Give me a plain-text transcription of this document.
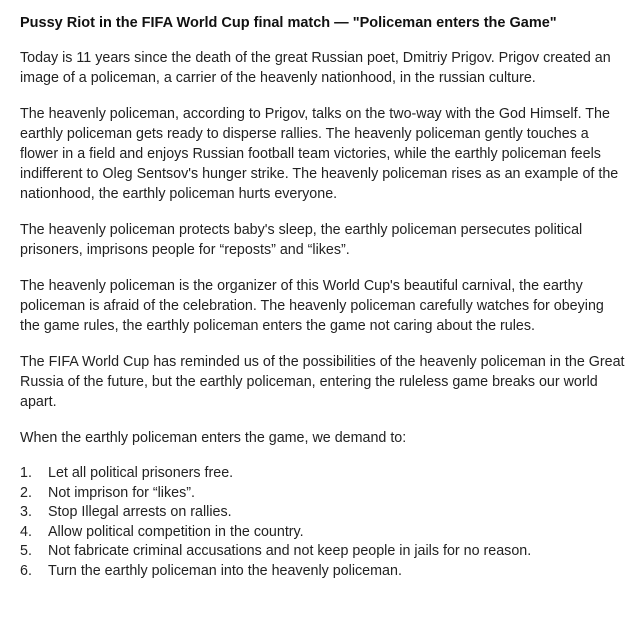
Pussy Riot in the FIFA World Cup final match — "Policeman enters the Game"

Today is 11 years since the death of the great Russian poet, Dmitriy Prigov. Prigov created an image of a policeman, a carrier of the heavenly nationhood, in the russian culture.

The heavenly policeman, according to Prigov, talks on the two-way with the God Himself. The earthly policeman gets ready to disperse rallies. The heavenly policeman gently touches a flower in a field and enjoys Russian football team victories, while the earthly policeman feels indifferent to Oleg Sentsov's hunger strike. The heavenly policeman rises as an example of the nationhood, the earthly policeman hurts everyone.

The heavenly policeman protects baby's sleep, the earthly policeman persecutes political prisoners, imprisons people for “reposts” and “likes”.

The heavenly policeman is the organizer of this World Cup's beautiful carnival, the earthy policeman is afraid of the celebration. The heavenly policeman carefully watches for obeying the game rules, the earthly policeman enters the game not caring about the rules.

The FIFA World Cup has reminded us of the possibilities of the heavenly policeman in the Great Russia of the future, but the earthly policeman, entering the ruleless game breaks our world apart.

When the earthly policeman enters the game, we demand to:

1.	Let all political prisoners free.
2.	Not imprison for “likes”.
3.	Stop Illegal arrests on rallies.
4.	Allow political competition in the country.
5.	Not fabricate criminal accusations and not keep people in jails for no reason.
6.	Turn the earthly policeman into the heavenly policeman.
